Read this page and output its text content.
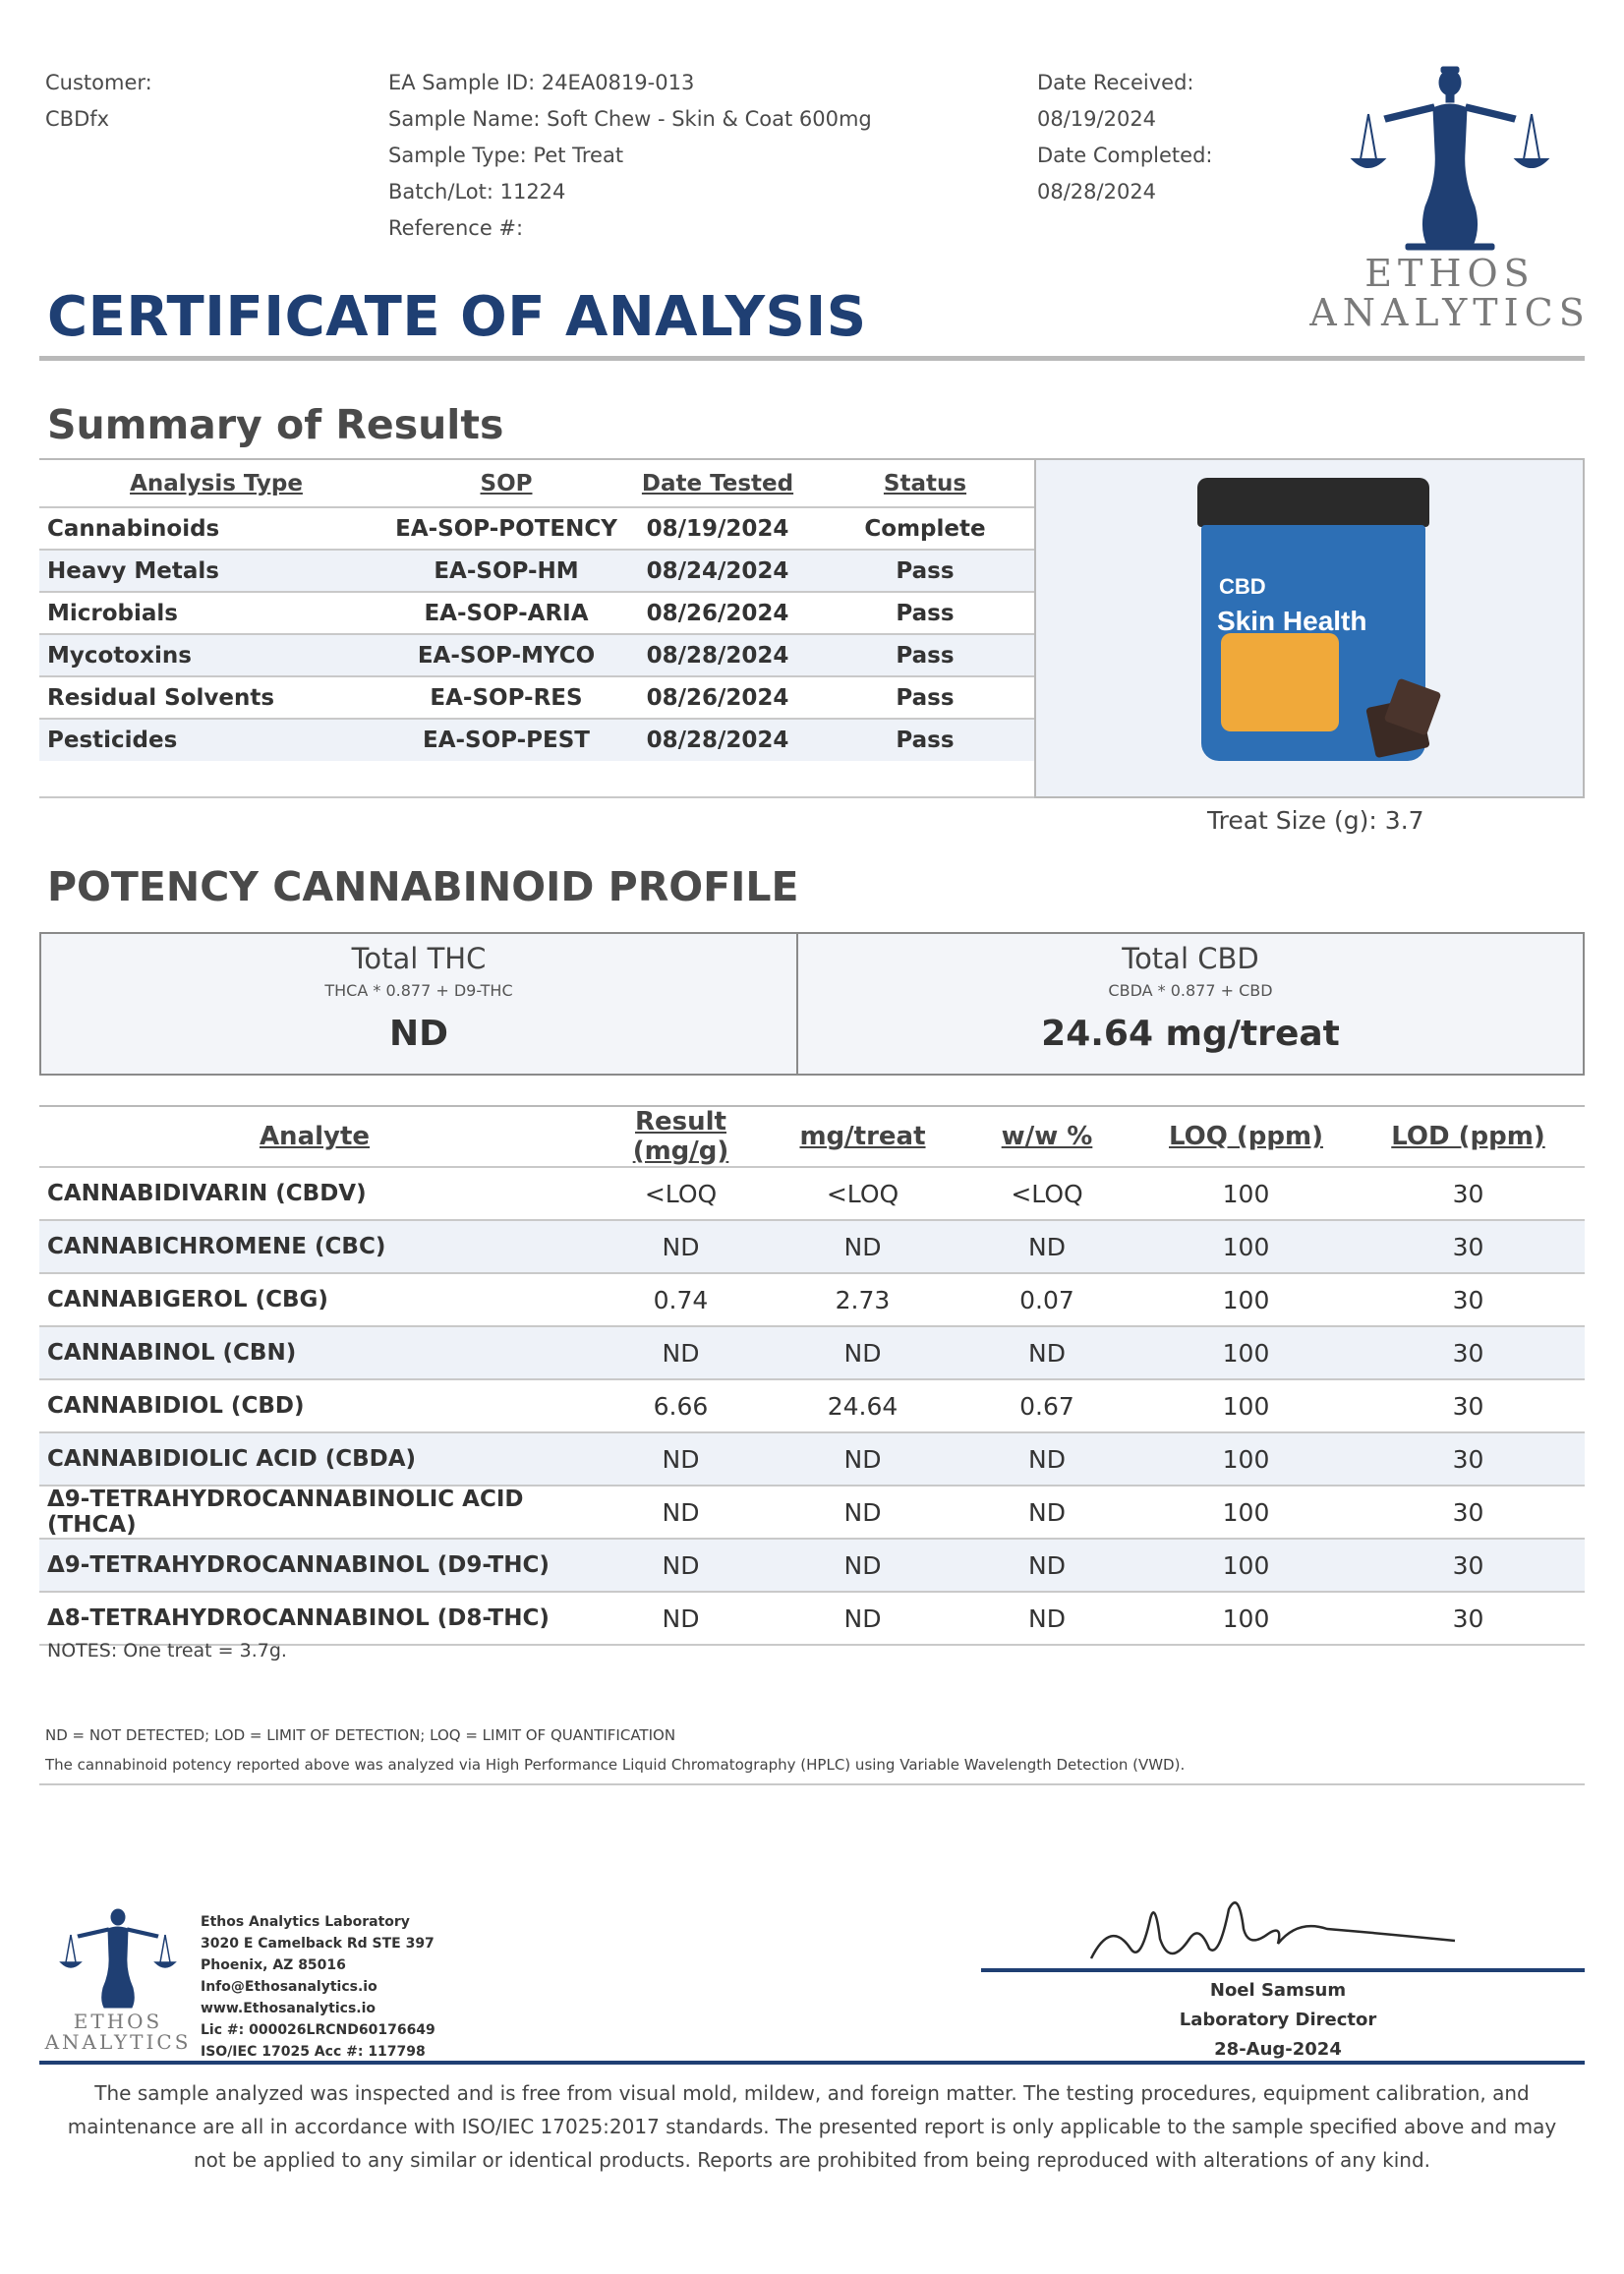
Customer:
CBDfx
EA Sample ID: 24EA0819-013
Sample Name: Soft Chew - Skin & Coat 600mg
Sample Type: Pet Treat
Batch/Lot: 11224
Reference #:
Date Received:
08/19/2024
Date Completed:
08/28/2024
ETHOS
ANALYTICS
CERTIFICATE OF ANALYSIS
Summary of Results
Analysis Type	SOP	Date Tested	Status
Cannabinoids	EA-SOP-POTENCY	08/19/2024	Complete
Heavy Metals	EA-SOP-HM	08/24/2024	Pass
Microbials	EA-SOP-ARIA	08/26/2024	Pass
Mycotoxins	EA-SOP-MYCO	08/28/2024	Pass
Residual Solvents	EA-SOP-RES	08/26/2024	Pass
Pesticides	EA-SOP-PEST	08/28/2024	Pass
CBD
Skin Health
Treat Size (g): 3.7
POTENCY CANNABINOID PROFILE
Total THC
THCA * 0.877 + D9-THC
ND
Total CBD
CBDA * 0.877 + CBD
24.64 mg/treat
Analyte	Result (mg/g)	mg/treat	w/w %	LOQ (ppm)	LOD (ppm)
CANNABIDIVARIN (CBDV)	<LOQ	<LOQ	<LOQ	100	30
CANNABICHROMENE (CBC)	ND	ND	ND	100	30
CANNABIGEROL (CBG)	0.74	2.73	0.07	100	30
CANNABINOL (CBN)	ND	ND	ND	100	30
CANNABIDIOL (CBD)	6.66	24.64	0.67	100	30
CANNABIDIOLIC ACID (CBDA)	ND	ND	ND	100	30
Δ9-TETRAHYDROCANNABINOLIC ACID (THCA)	ND	ND	ND	100	30
Δ9-TETRAHYDROCANNABINOL (D9-THC)	ND	ND	ND	100	30
Δ8-TETRAHYDROCANNABINOL (D8-THC)	ND	ND	ND	100	30
NOTES: One treat = 3.7g.
ND = NOT DETECTED; LOD = LIMIT OF DETECTION; LOQ = LIMIT OF QUANTIFICATION
The cannabinoid potency reported above was analyzed via High Performance Liquid Chromatography (HPLC) using Variable Wavelength Detection (VWD).
ETHOS
ANALYTICS
Ethos Analytics Laboratory
3020 E Camelback Rd STE 397
Phoenix, AZ 85016
Info@Ethosanalytics.io
www.Ethosanalytics.io
Lic #: 000026LRCND60176649
ISO/IEC 17025 Acc #: 117798
Noel Samsum
Laboratory Director
28-Aug-2024
The sample analyzed was inspected and is free from visual mold, mildew, and foreign matter. The testing procedures, equipment calibration, and
maintenance are all in accordance with ISO/IEC 17025:2017 standards. The presented report is only applicable to the sample specified above and may
not be applied to any similar or identical products. Reports are prohibited from being reproduced with alterations of any kind.
